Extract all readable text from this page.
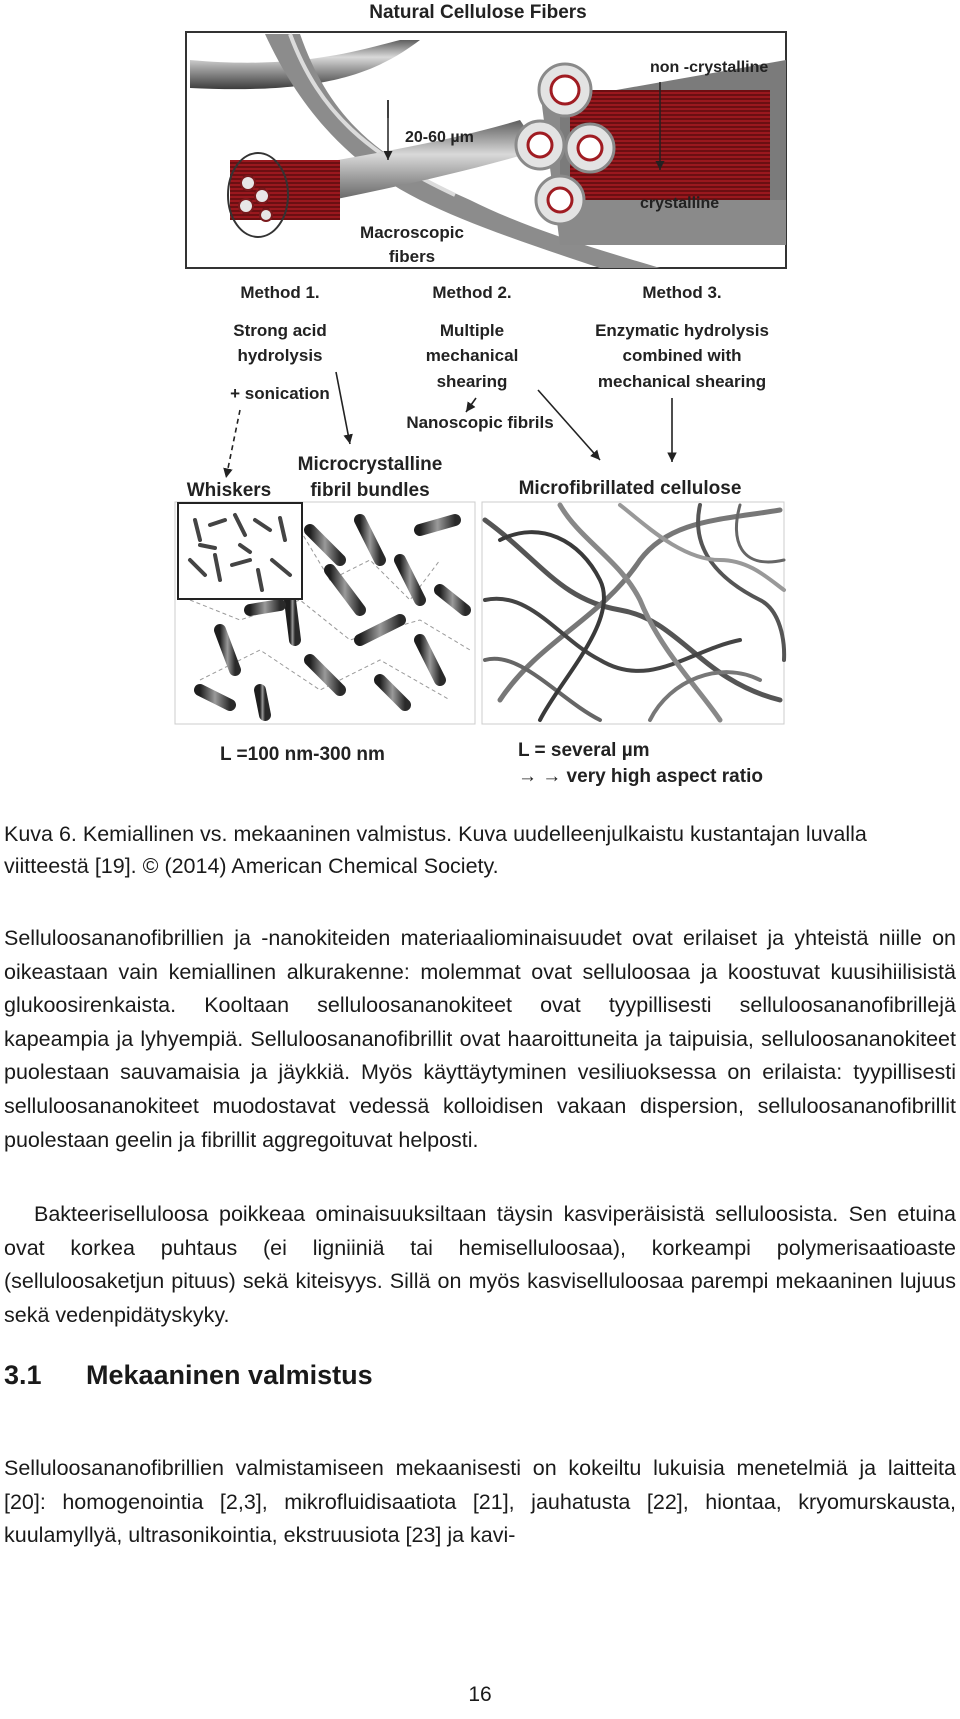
Natural Cellulose Fibers
20-60 µm
non -crystalline
crystalline
Macroscopic
fibers
Method 1.
Strong acid
hydrolysis
+ sonication
Method 2.
Multiple
mechanical
shearing
Method 3.
Enzymatic hydrolysis
combined with
mechanical shearing
Nanoscopic fibrils
Whiskers
Microcrystalline
fibril bundles	Microfibrillated cellulose
L =100 nm-300 nm	L = several µm
→ → very high aspect ratio

Kuva 6. Kemiallinen vs. mekaaninen valmistus. Kuva uudelleenjulkaistu kustantajan luvalla viitteestä [19]. © (2014) American Chemical Society.

Selluloosananofibrillien ja -nanokiteiden materiaaliominaisuudet ovat erilaiset ja yhteistä niille on oikeastaan vain kemiallinen alkurakenne: molemmat ovat selluloosaa ja koostuvat kuusihiilisistä glukoosirenkaista. Kooltaan selluloosananokiteet ovat tyypillisesti selluloosananofibrillejä kapeampia ja lyhyempiä. Selluloosananofibrillit ovat haaroittuneita ja taipuisia, selluloosananokiteet puolestaan sauvamaisia ja jäykkiä. Myös käyttäytyminen vesiliuoksessa on erilaista: tyypillisesti selluloosananokiteet muodostavat vedessä kolloidisen vakaan dispersion, selluloosananofibrillit puolestaan geelin ja fibrillit aggregoituvat helposti.

Bakteeriselluloosa poikkeaa ominaisuuksiltaan täysin kasviperäisistä selluloosista. Sen etuina ovat korkea puhtaus (ei ligniiniä tai hemiselluloosaa), korkeampi polymerisaatioaste (selluloosaketjun pituus) sekä kiteisyys. Sillä on myös kasviselluloosaa parempi mekaaninen lujuus sekä vedenpidätyskyky.

3.1 Mekaaninen valmistus

Selluloosananofibrillien valmistamiseen mekaanisesti on kokeiltu lukuisia menetelmiä ja laitteita [20]: homogenointia [2,3], mikrofluidisaatiota [21], jauhatusta [22], hiontaa, kryomurskausta, kuulamyllyä, ultrasonikointia, ekstruusiota [23] ja kavi-

16
